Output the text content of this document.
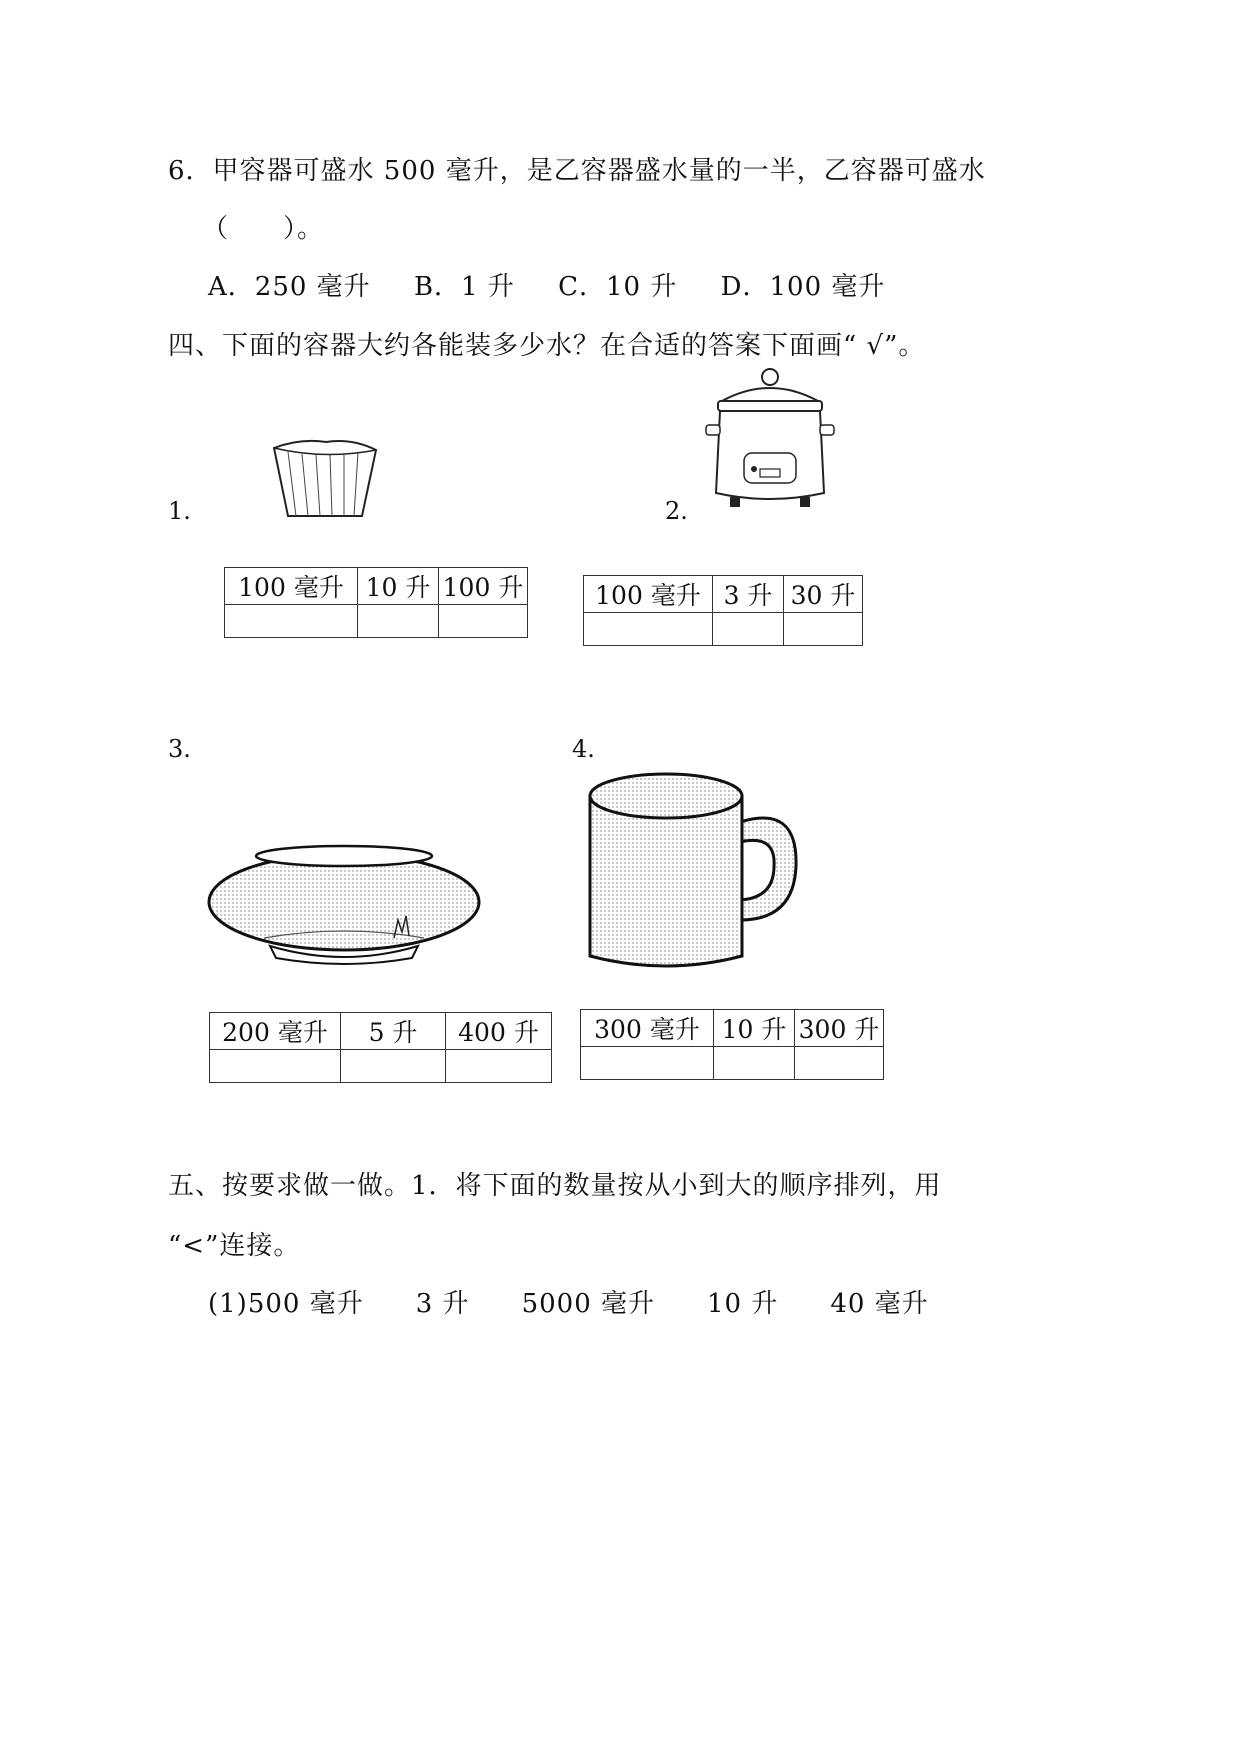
6．甲容器可盛水 500 毫升，是乙容器盛水量的一半，乙容器可盛水
（　　）。
A．250 毫升 B．1 升 C．10 升 D．100 毫升
四、下面的容器大约各能装多少水？在合适的答案下面画“ √”。
1.
100 毫升	10 升	100 升

2.
100 毫升	3 升	30 升

3.
200 毫升	5 升	400 升

4.
300 毫升	10 升	300 升

五、按要求做一做。1．将下面的数量按从小到大的顺序排列，用
“<”连接。
(1)500 毫升 3 升 5000 毫升 10 升 40 毫升
